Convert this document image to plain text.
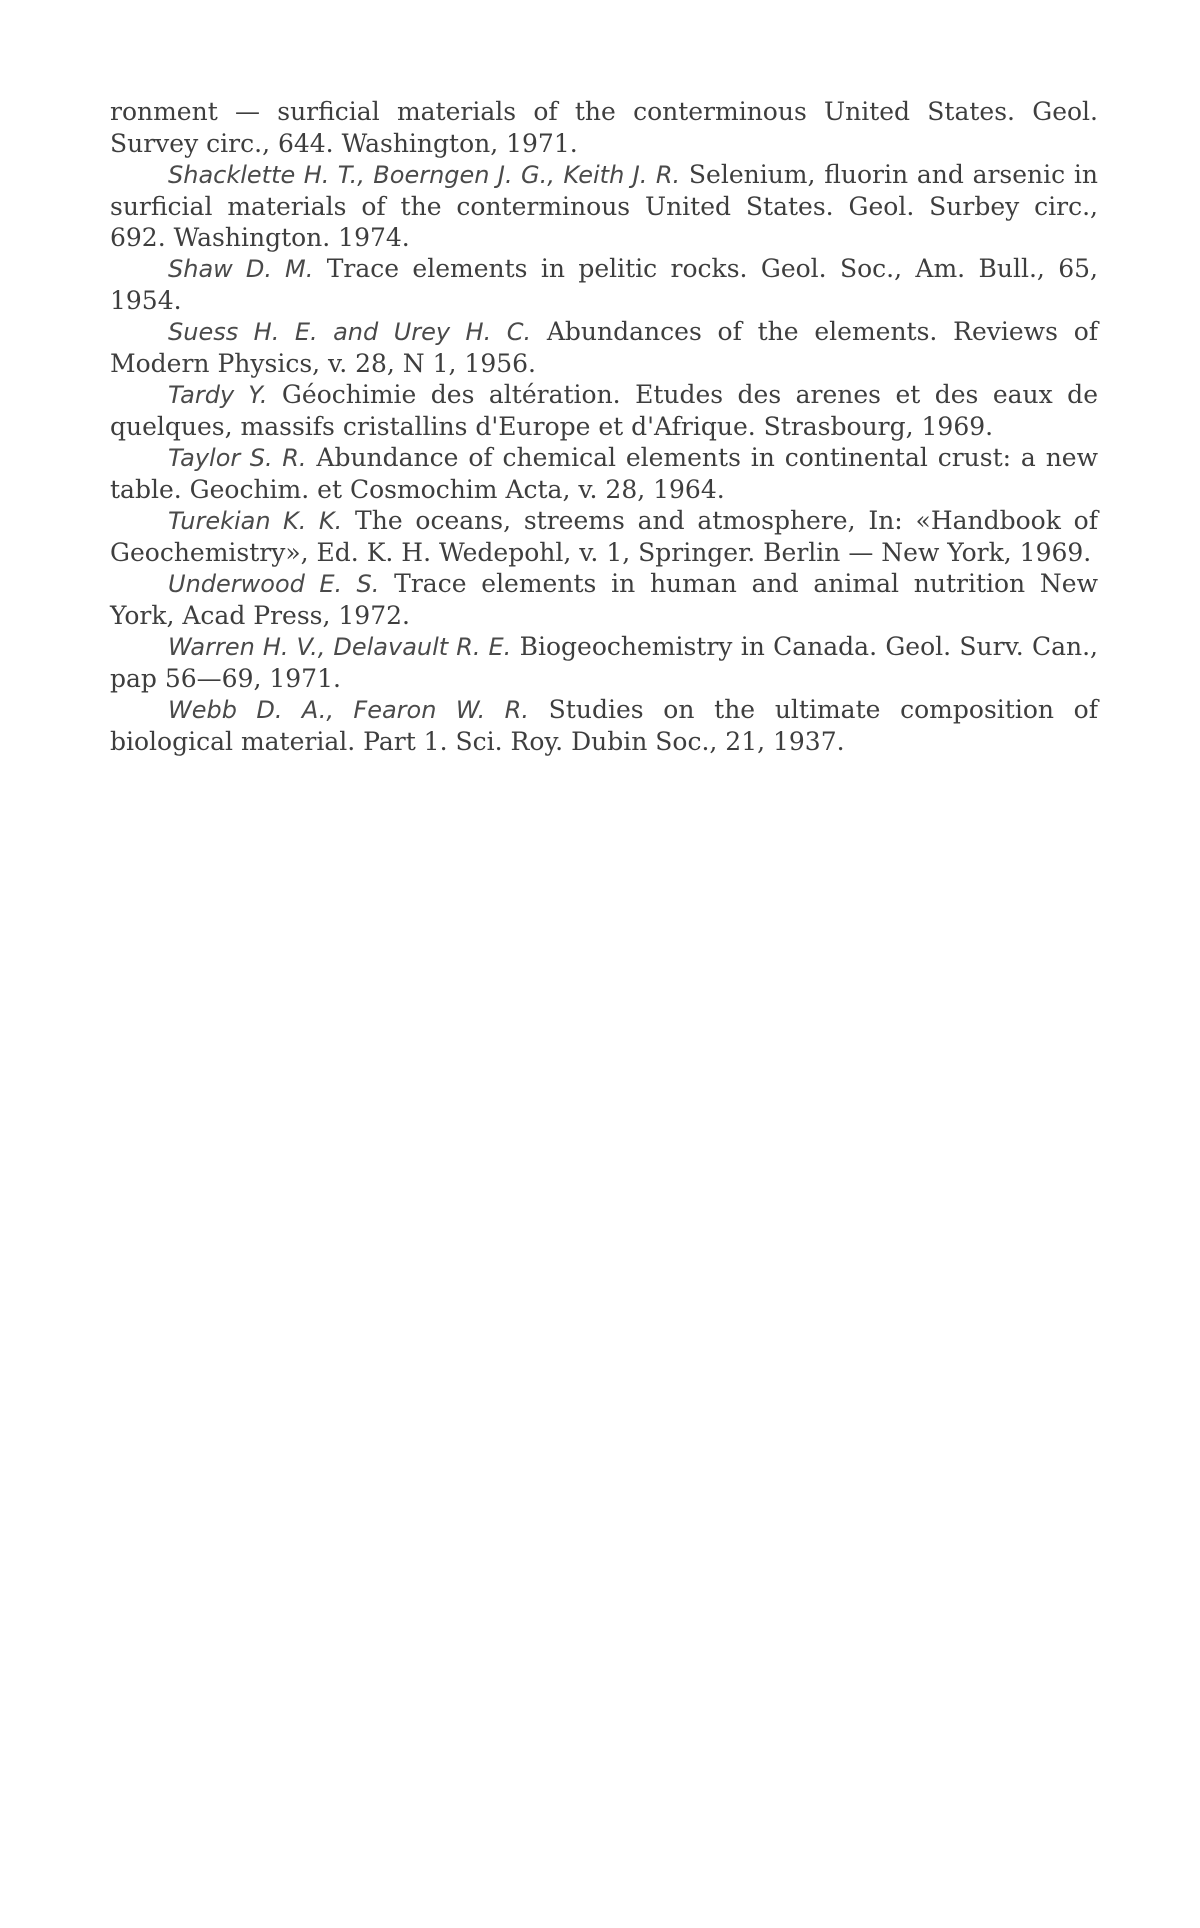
ronment — surficial materials of the conterminous United States. Geol. Survey circ., 644. Washington, 1971.

Shacklette H. T., Boerngen J. G., Keith J. R. Selenium, fluorin and arsenic in surficial materials of the conterminous United States. Geol. Surbey circ., 692. Washington. 1974.

Shaw D. M. Trace elements in pelitic rocks. Geol. Soc., Am. Bull., 65, 1954.

Suess H. E. and Urey H. C. Abundances of the elements. Reviews of Modern Physics, v. 28, N 1, 1956.

Tardy Y. Géochimie des altération. Etudes des arenes et des eaux de quelques, massifs cristallins d'Europe et d'Afrique. Strasbourg, 1969.

Taylor S. R. Abundance of chemical elements in continental crust: a new table. Geochim. et Cosmochim Acta, v. 28, 1964.

Turekian K. K. The oceans, streems and atmosphere, In: «Handbook of Geochemistry», Ed. K. H. Wedepohl, v. 1, Springer. Berlin — New York, 1969.

Underwood E. S. Trace elements in human and animal nutrition New York, Acad Press, 1972.

Warren H. V., Delavault R. E. Biogeochemistry in Canada. Geol. Surv. Can., pap 56—69, 1971.

Webb D. A., Fearon W. R. Studies on the ultimate composition of biological material. Part 1. Sci. Roy. Dubin Soc., 21, 1937.
